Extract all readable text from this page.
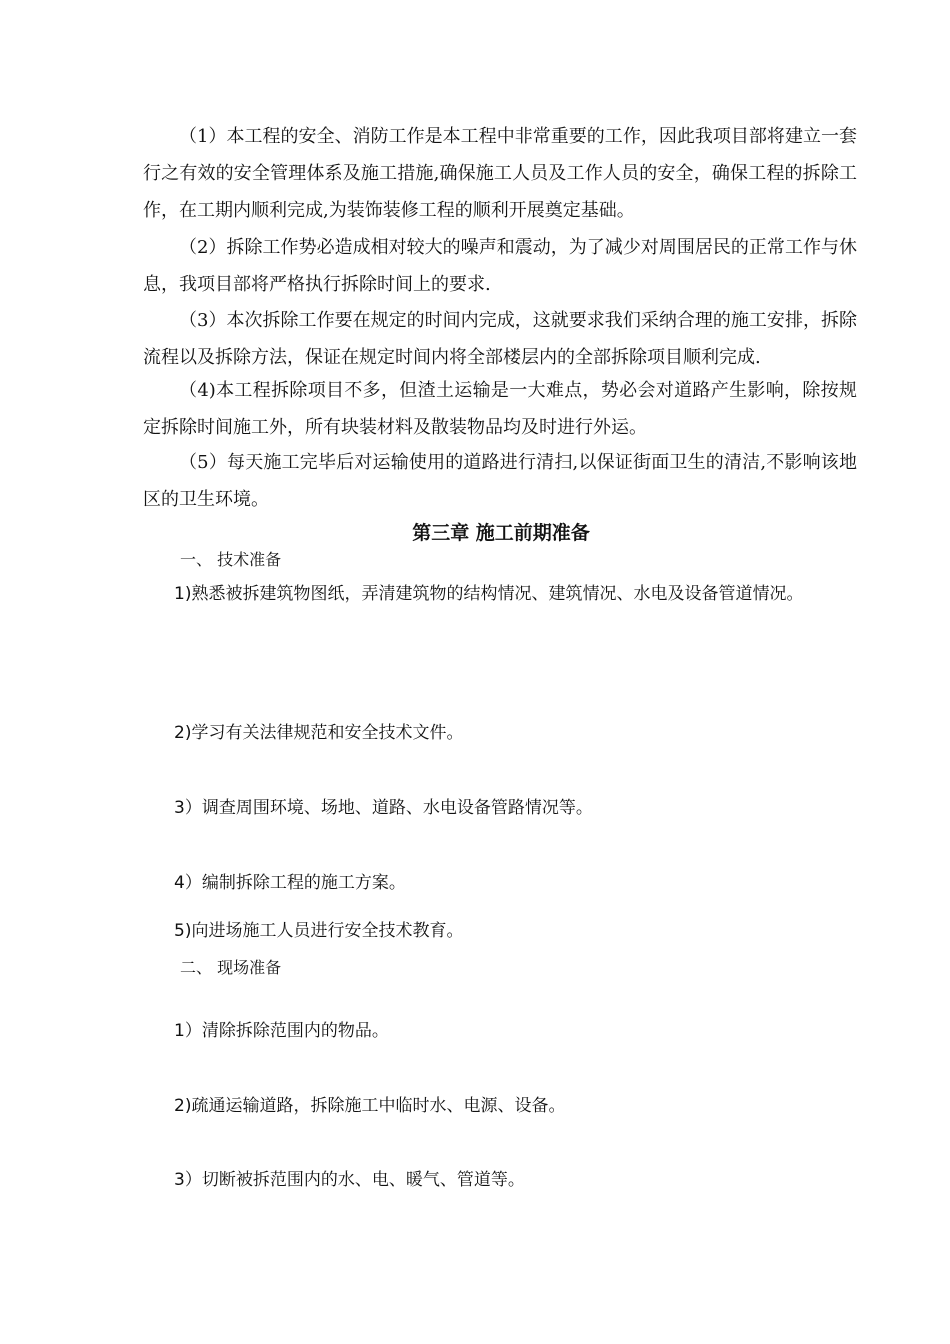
（1）本工程的安全、消防工作是本工程中非常重要的工作，因此我项目部将建立一套行之有效的安全管理体系及施工措施,确保施工人员及工作人员的安全，确保工程的拆除工作，在工期内顺利完成,为装饰装修工程的顺利开展奠定基础。

（2）拆除工作势必造成相对较大的噪声和震动，为了减少对周围居民的正常工作与休息，我项目部将严格执行拆除时间上的要求.

（3）本次拆除工作要在规定的时间内完成，这就要求我们采纳合理的施工安排，拆除流程以及拆除方法，保证在规定时间内将全部楼层内的全部拆除项目顺利完成.

（4)本工程拆除项目不多，但渣土运输是一大难点，势必会对道路产生影响，除按规定拆除时间施工外，所有块装材料及散装物品均及时进行外运。

（5）每天施工完毕后对运输使用的道路进行清扫,以保证街面卫生的清洁,不影响该地区的卫生环境。

第三章 施工前期准备

一、 技术准备

1)熟悉被拆建筑物图纸，弄清建筑物的结构情况、建筑情况、水电及设备管道情况。

2)学习有关法律规范和安全技术文件。

3）调查周围环境、场地、道路、水电设备管路情况等。

4）编制拆除工程的施工方案。

5)向进场施工人员进行安全技术教育。

二、 现场准备

1）清除拆除范围内的物品。

2)疏通运输道路，拆除施工中临时水、电源、设备。

3）切断被拆范围内的水、电、暖气、管道等。
